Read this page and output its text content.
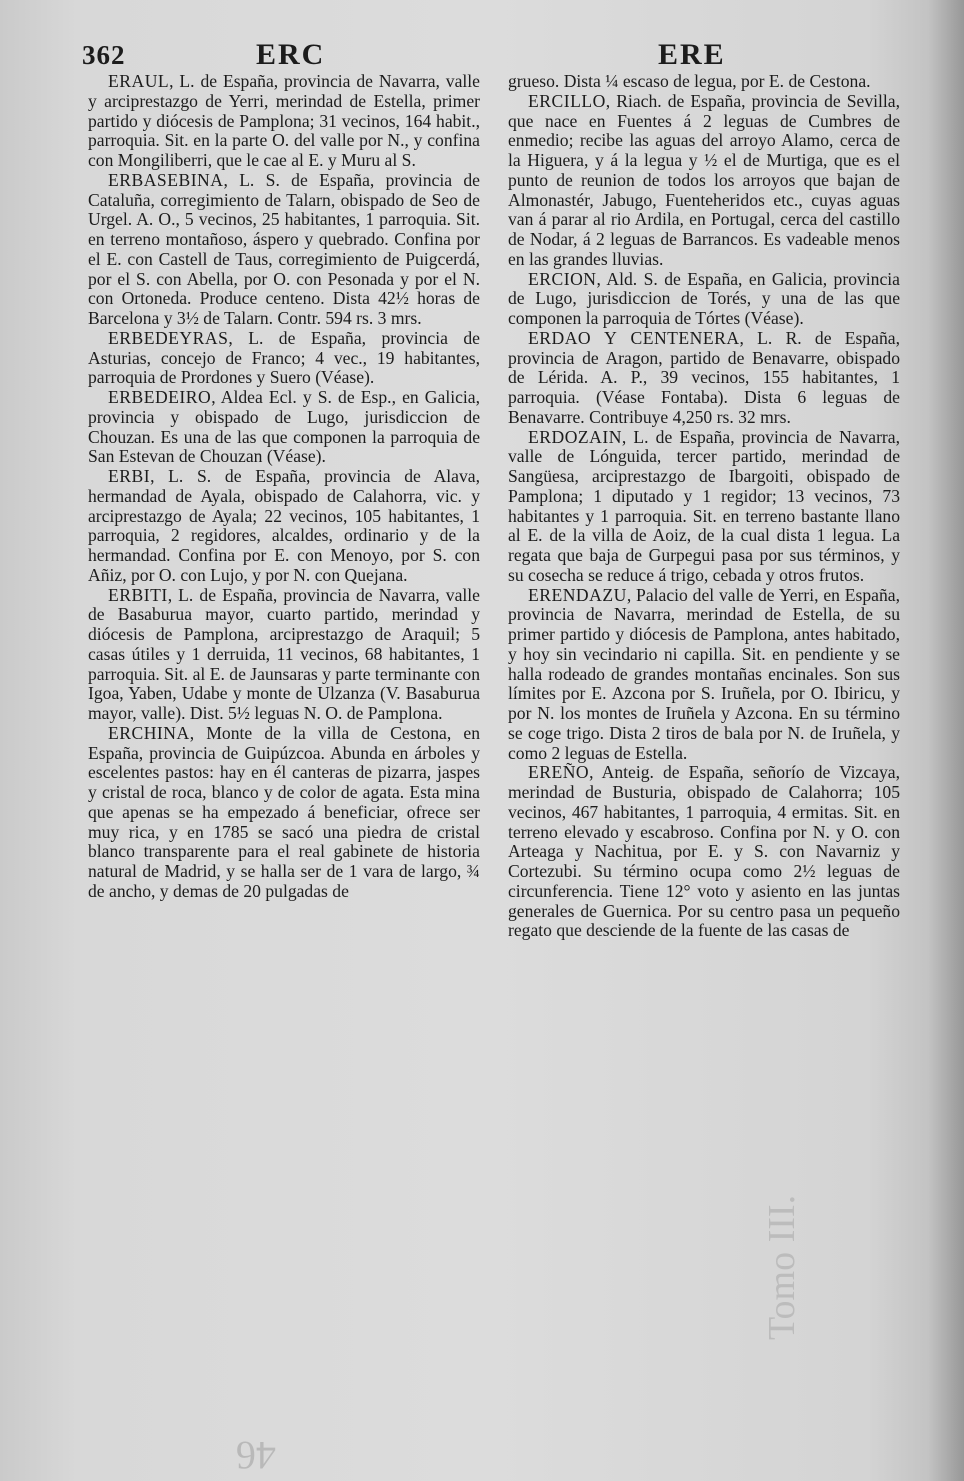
362	ERC	ERE

ERAUL, L. de España, provincia de Navarra, valle y arciprestazgo de Yerri, merindad de Estella, primer partido y diócesis de Pamplona; 31 vecinos, 164 habit., parroquia. Sit. en la parte O. del valle por N., y confina con Mongiliberri, que le cae al E. y Muru al S.

ERBASEBINA, L. S. de España, provincia de Cataluña, corregimiento de Talarn, obispado de Seo de Urgel. A. O., 5 vecinos, 25 habitantes, 1 parroquia. Sit. en terreno montañoso, áspero y quebrado. Confina por el E. con Castell de Taus, corregimiento de Puigcerdá, por el S. con Abella, por O. con Pesonada y por el N. con Ortoneda. Produce centeno. Dista 42½ horas de Barcelona y 3½ de Talarn. Contr. 594 rs. 3 mrs.

ERBEDEYRAS, L. de España, provincia de Asturias, concejo de Franco; 4 vec., 19 habitantes, parroquia de Prordones y Suero (Véase).

ERBEDEIRO, Aldea Ecl. y S. de Esp., en Galicia, provincia y obispado de Lugo, jurisdiccion de Chouzan. Es una de las que componen la parroquia de San Estevan de Chouzan (Véase).

ERBI, L. S. de España, provincia de Alava, hermandad de Ayala, obispado de Calahorra, vic. y arciprestazgo de Ayala; 22 vecinos, 105 habitantes, 1 parroquia, 2 regidores, alcaldes, ordinario y de la hermandad. Confina por E. con Menoyo, por S. con Añiz, por O. con Lujo, y por N. con Quejana.

ERBITI, L. de España, provincia de Navarra, valle de Basaburua mayor, cuarto partido, merindad y diócesis de Pamplona, arciprestazgo de Araquil; 5 casas útiles y 1 derruida, 11 vecinos, 68 habitantes, 1 parroquia. Sit. al E. de Jaunsaras y parte terminante con Igoa, Yaben, Udabe y monte de Ulzanza (V. Basaburua mayor, valle). Dist. 5½ leguas N. O. de Pamplona.

ERCHINA, Monte de la villa de Cestona, en España, provincia de Guipúzcoa. Abunda en árboles y escelentes pastos: hay en él canteras de pizarra, jaspes y cristal de roca, blanco y de color de agata. Esta mina que apenas se ha empezado á beneficiar, ofrece ser muy rica, y en 1785 se sacó una piedra de cristal blanco transparente para el real gabinete de historia natural de Madrid, y se halla ser de 1 vara de largo, ¾ de ancho, y demas de 20 pulgadas de

grueso. Dista ¼ escaso de legua, por E. de Cestona.

ERCILLO, Riach. de España, provincia de Sevilla, que nace en Fuentes á 2 leguas de Cumbres de enmedio; recibe las aguas del arroyo Alamo, cerca de la Higuera, y á la legua y ½ el de Murtiga, que es el punto de reunion de todos los arroyos que bajan de Almonastér, Jabugo, Fuenteheridos etc., cuyas aguas van á parar al rio Ardila, en Portugal, cerca del castillo de Nodar, á 2 leguas de Barrancos. Es vadeable menos en las grandes lluvias.

ERCION, Ald. S. de España, en Galicia, provincia de Lugo, jurisdiccion de Torés, y una de las que componen la parroquia de Tórtes (Véase).

ERDAO Y CENTENERA, L. R. de España, provincia de Aragon, partido de Benavarre, obispado de Lérida. A. P., 39 vecinos, 155 habitantes, 1 parroquia. (Véase Fontaba). Dista 6 leguas de Benavarre. Contribuye 4,250 rs. 32 mrs.

ERDOZAIN, L. de España, provincia de Navarra, valle de Lónguida, tercer partido, merindad de Sangüesa, arciprestazgo de Ibargoiti, obispado de Pamplona; 1 diputado y 1 regidor; 13 vecinos, 73 habitantes y 1 parroquia. Sit. en terreno bastante llano al E. de la villa de Aoiz, de la cual dista 1 legua. La regata que baja de Gurpegui pasa por sus términos, y su cosecha se reduce á trigo, cebada y otros frutos.

ERENDAZU, Palacio del valle de Yerri, en España, provincia de Navarra, merindad de Estella, de su primer partido y diócesis de Pamplona, antes habitado, y hoy sin vecindario ni capilla. Sit. en pendiente y se halla rodeado de grandes montañas encinales. Son sus límites por E. Azcona por S. Iruñela, por O. Ibiricu, y por N. los montes de Iruñela y Azcona. En su término se coge trigo. Dista 2 tiros de bala por N. de Iruñela, y como 2 leguas de Estella.

EREÑO, Anteig. de España, señorío de Vizcaya, merindad de Busturia, obispado de Calahorra; 105 vecinos, 467 habitantes, 1 parroquia, 4 ermitas. Sit. en terreno elevado y escabroso. Confina por N. y O. con Arteaga y Nachitua, por E. y S. con Navarniz y Cortezubi. Su término ocupa como 2½ leguas de circunferencia. Tiene 12° voto y asiento en las juntas generales de Guernica. Por su centro pasa un pequeño regato que desciende de la fuente de las casas de

46
Tomo III.
